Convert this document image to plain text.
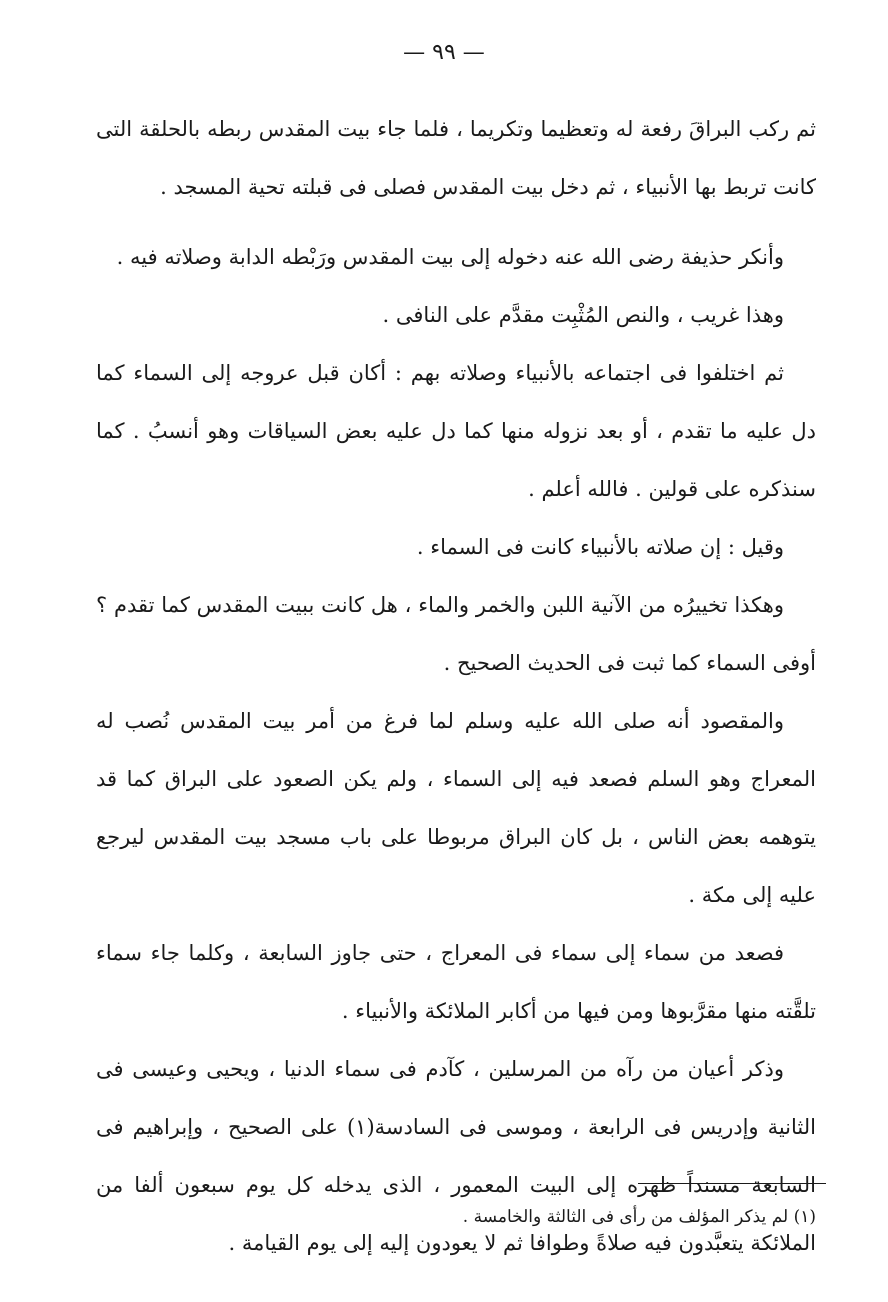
— ٩٩ —

ثم ركب البراقَ رفعة له وتعظيما وتكريما ، فلما جاء بيت المقدس ربطه بالحلقة التى كانت تربط بها الأنبياء ، ثم دخل بيت المقدس فصلى فى قبلته تحية المسجد .

وأنكر حذيفة رضى الله عنه دخوله إلى بيت المقدس ورَبْطه الدابة وصلاته فيه .

وهذا غريب ، والنص المُثْبِت مقدَّم على النافى .

ثم اختلفوا فى اجتماعه بالأنبياء وصلاته بهم : أكان قبل عروجه إلى السماء كما دل عليه ما تقدم ، أو بعد نزوله منها كما دل عليه بعض السياقات وهو أنسبُ . كما سنذكره على قولين . فالله أعلم .

وقيل : إن صلاته بالأنبياء كانت فى السماء .

وهكذا تخييرُه من الآنية اللبن والخمر والماء ، هل كانت ببيت المقدس كما تقدم ؟ أوفى السماء كما ثبت فى الحديث الصحيح .

والمقصود أنه صلى الله عليه وسلم لما فرغ من أمر بيت المقدس نُصب له المعراج وهو السلم فصعد فيه إلى السماء ، ولم يكن الصعود على البراق كما قد يتوهمه بعض الناس ، بل كان البراق مربوطا على باب مسجد بيت المقدس ليرجع عليه إلى مكة .

فصعد من سماء إلى سماء فى المعراج ، حتى جاوز السابعة ، وكلما جاء سماء تلقَّته منها مقرَّبوها ومن فيها من أكابر الملائكة والأنبياء .

وذكر أعيان من رآه من المرسلين ، كآدم فى سماء الدنيا ، ويحيى وعيسى فى الثانية وإدريس فى الرابعة ، وموسى فى السادسة(١) على الصحيح ، وإبراهيم فى السابعة مسنداً ظهره إلى البيت المعمور ، الذى يدخله كل يوم سبعون ألفا من الملائكة يتعبَّدون فيه صلاةً وطوافا ثم لا يعودون إليه إلى يوم القيامة .

(١) لم يذكر المؤلف من رأى فى الثالثة والخامسة .
